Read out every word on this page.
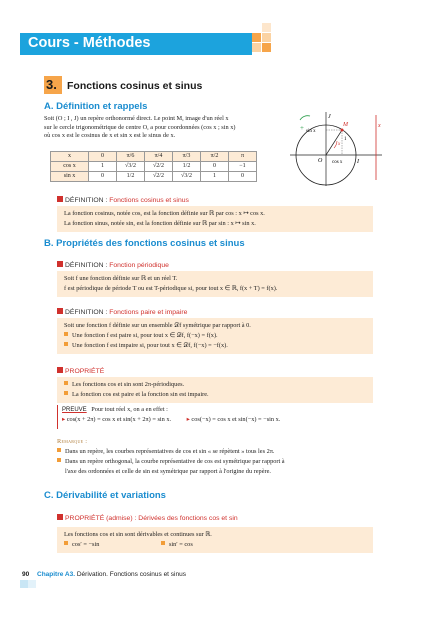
Cours - Méthodes
3. Fonctions cosinus et sinus
A. Définition et rappels

Soit (O ; I , J) un repère orthonormé direct. Le point M, image d'un réel x

sur le cercle trigonométrique de centre O, a pour coordonnées (cos x ; sin x)

où cos x est le cosinus de x et sin x est le sinus de x.

x	0	π/6	π/4	π/3	π/2	π
cos x	1	√3/2	√2/2	1/2	0	−1
sin x	0	1/2	√2/2	√3/2	1	0
+
J
I
O
M	x
x
sin x
cos x
1
DÉFINITION : Fonctions cosinus et sinus

La fonction cosinus, notée cos, est la fonction définie sur ℝ par cos : x ↦ cos x.

La fonction sinus, notée sin, est la fonction définie sur ℝ par sin : x ↦ sin x.

B. Propriétés des fonctions cosinus et sinus
DÉFINITION : Fonction périodique

Soit f une fonction définie sur ℝ et un réel T.

f est périodique de période T ou est T-périodique si, pour tout x ∈ ℝ, f(x + T) = f(x).

DÉFINITION : Fonctions paire et impaire

Soit une fonction f définie sur un ensemble 𝒟f symétrique par rapport à 0.

Une fonction f est paire si, pour tout x ∈ 𝒟f, f(−x) = f(x).

Une fonction f est impaire si, pour tout x ∈ 𝒟f, f(−x) = −f(x).

PROPRIÉTÉ

Les fonctions cos et sin sont 2π-périodiques.

La fonction cos est paire et la fonction sin est impaire.

PREUVE Pour tout réel x, on a en effet :

▸ cos(x + 2π) = cos x et sin(x + 2π) = sin x. ▸ cos(−x) = cos x et sin(−x) = −sin x.

Remarque :

Dans un repère, les courbes représentatives de cos et sin « se répètent » tous les 2π.

Dans un repère orthogonal, la courbe représentative de cos est symétrique par rapport à

l'axe des ordonnées et celle de sin est symétrique par rapport à l'origine du repère.

C. Dérivabilité et variations
PROPRIÉTÉ (admise) : Dérivées des fonctions cos et sin

Les fonctions cos et sin sont dérivables et continues sur ℝ.

cos′ = −sin	sin′ = cos

90 Chapitre A3. Dérivation. Fonctions cosinus et sinus
